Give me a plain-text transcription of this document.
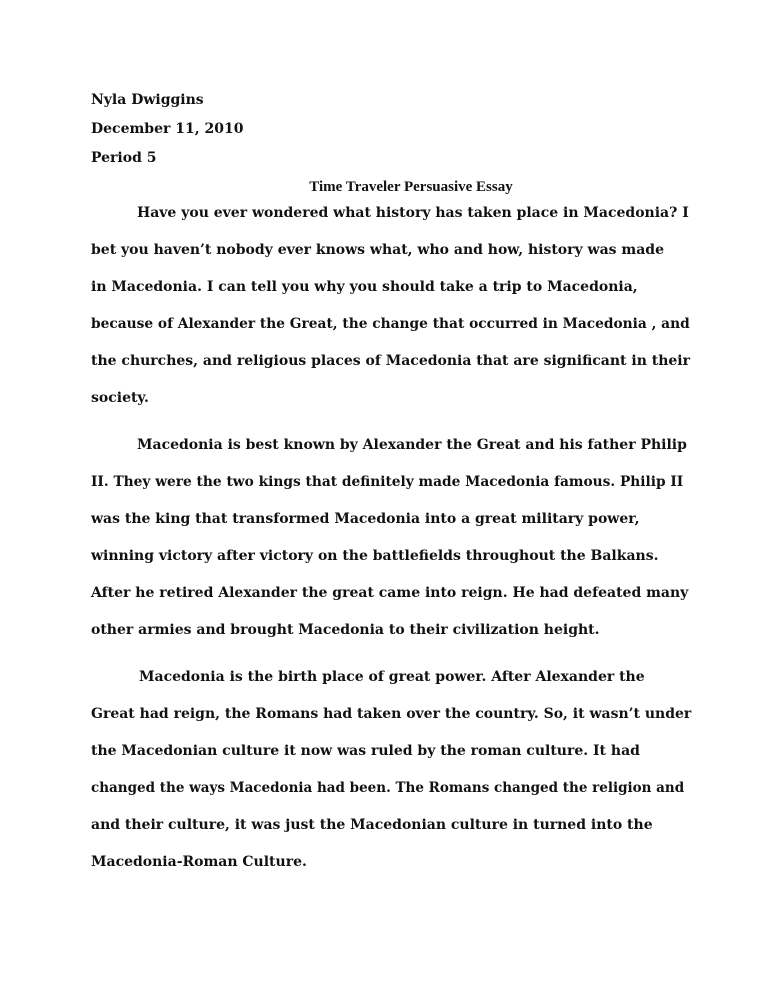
Nyla Dwiggins
December 11, 2010
Period 5
Time Traveler Persuasive Essay

Have you ever wondered what history has taken place in Macedonia? I
bet you haven’t nobody ever knows what, who and how, history was made
in Macedonia. I can tell you why you should take a trip to Macedonia,
because of Alexander the Great, the change that occurred in Macedonia , and
the churches, and religious places of Macedonia that are significant in their
society.

Macedonia is best known by Alexander the Great and his father Philip
II. They were the two kings that definitely made Macedonia famous. Philip II
was the king that transformed Macedonia into a great military power,
winning victory after victory on the battlefields throughout the Balkans.
After he retired Alexander the great came into reign. He had defeated many
other armies and brought Macedonia to their civilization height.

Macedonia is the birth place of great power. After Alexander the
Great had reign, the Romans had taken over the country. So, it wasn’t under
the Macedonian culture it now was ruled by the roman culture. It had
changed the ways Macedonia had been. The Romans changed the religion and
and their culture, it was just the Macedonian culture in turned into the
Macedonia-Roman Culture.
